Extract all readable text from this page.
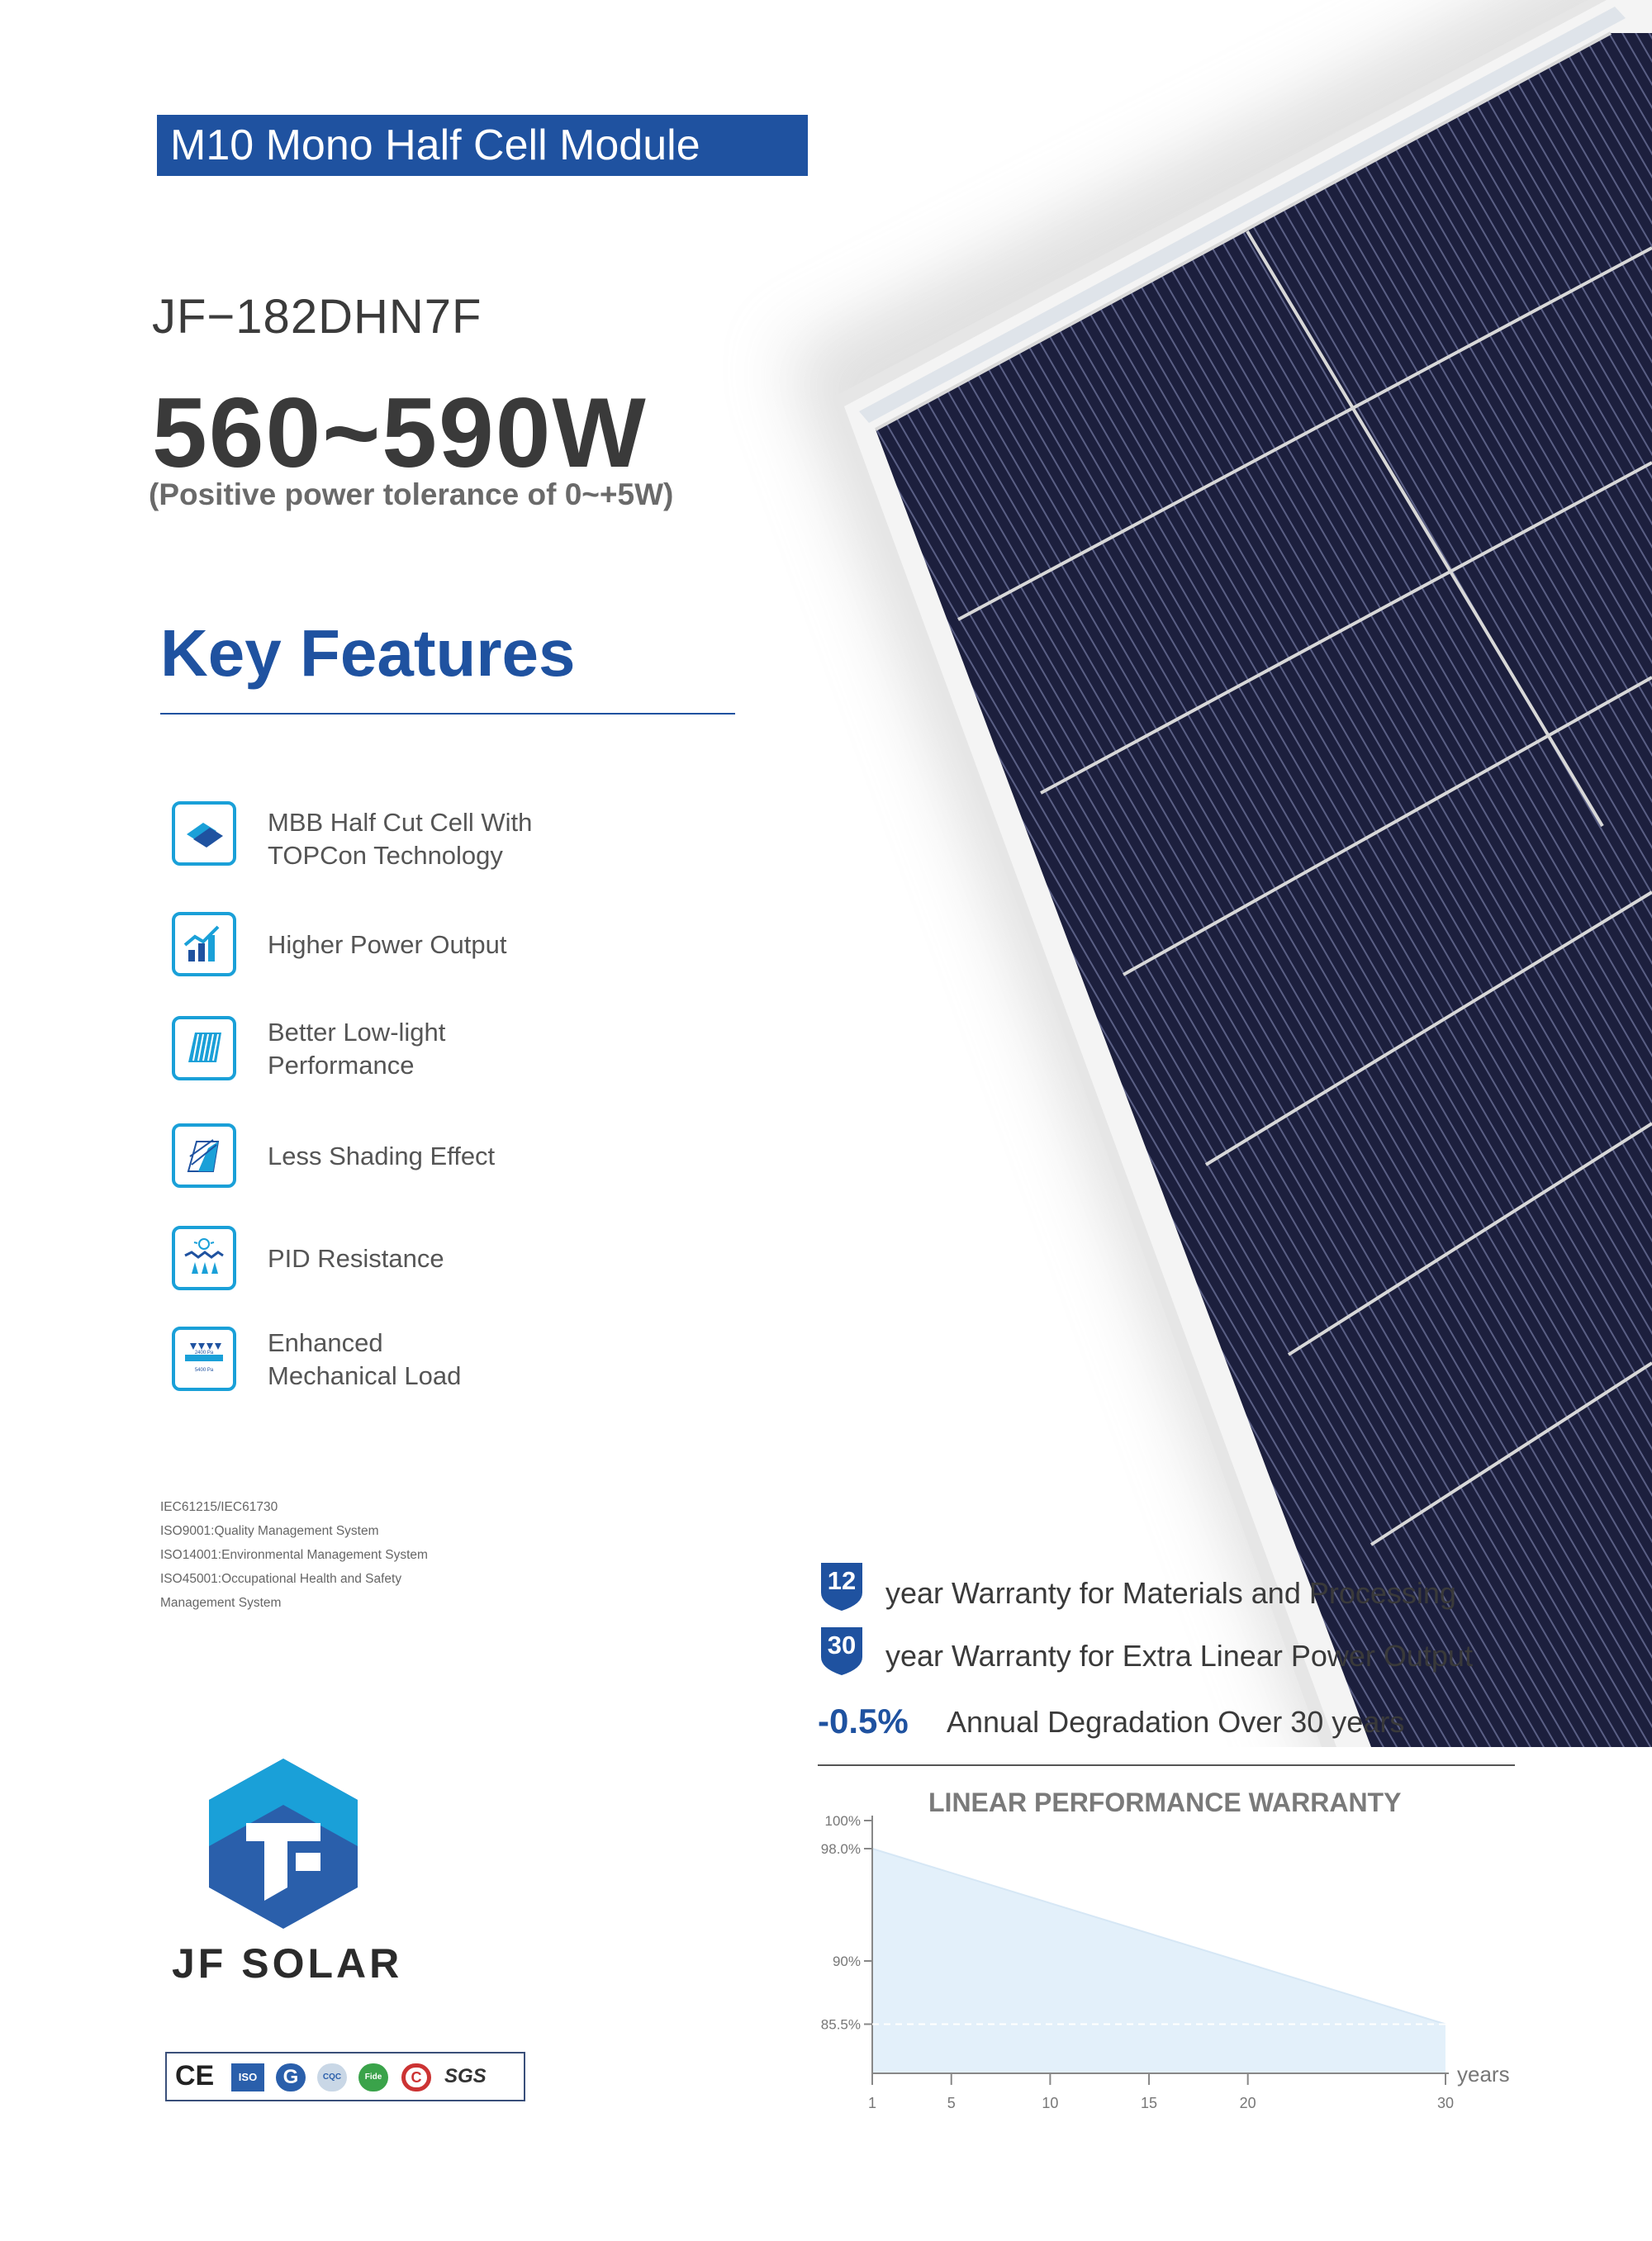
M10 Mono Half Cell Module
JF−182DHN7F
560~590W
(Positive power tolerance of 0~+5W)
Key Features
MBB Half Cut Cell With
TOPCon Technology
Higher Power Output
Better Low-light
Performance
Less Shading Effect
PID Resistance
2400 Pa
5400 Pa
Enhanced
Mechanical Load
IEC61215/IEC61730
ISO9001:Quality Management System
ISO14001:Environmental Management System
ISO45001:Occupational Health and Safety
Management System
12 year Warranty for Materials and Processing
30 year Warranty for Extra Linear Power Output
-0.5% Annual Degradation Over 30 years
LINEAR PERFORMANCE WARRANTY
100%
98.0%
90%
85.5%
1	5	10	15	20	30
years
JF SOLAR
CE	ISO	G	CQC	Fide	C	SGS
